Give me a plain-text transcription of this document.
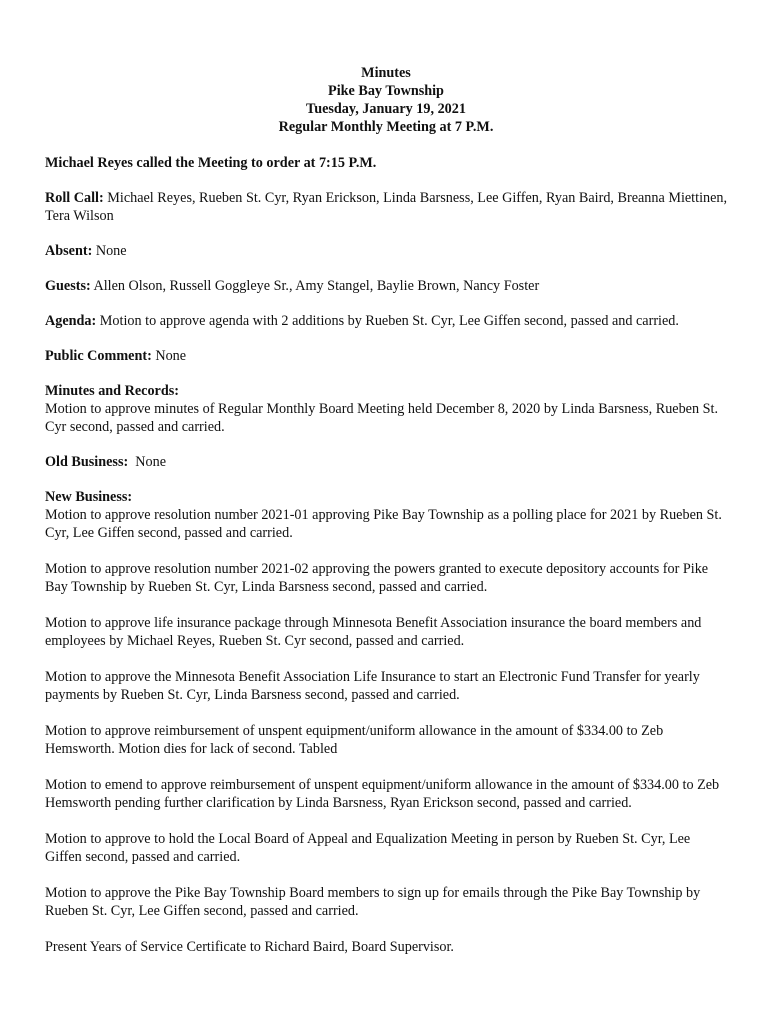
Minutes
Pike Bay Township
Tuesday, January 19, 2021
Regular Monthly Meeting at 7 P.M.
Michael Reyes called the Meeting to order at 7:15 P.M.
Roll Call: Michael Reyes, Rueben St. Cyr, Ryan Erickson, Linda Barsness, Lee Giffen, Ryan Baird, Breanna Miettinen, Tera Wilson
Absent: None
Guests: Allen Olson, Russell Goggleye Sr., Amy Stangel, Baylie Brown, Nancy Foster
Agenda: Motion to approve agenda with 2 additions by Rueben St. Cyr, Lee Giffen second, passed and carried.
Public Comment: None
Minutes and Records:
Motion to approve minutes of Regular Monthly Board Meeting held December 8, 2020 by Linda Barsness, Rueben St. Cyr second, passed and carried.
Old Business:  None
New Business:
Motion to approve resolution number 2021-01 approving Pike Bay Township as a polling place for 2021 by Rueben St. Cyr, Lee Giffen second, passed and carried.
Motion to approve resolution number 2021-02 approving the powers granted to execute depository accounts for Pike Bay Township by Rueben St. Cyr, Linda Barsness second, passed and carried.
Motion to approve life insurance package through Minnesota Benefit Association insurance the board members and employees by Michael Reyes, Rueben St. Cyr second, passed and carried.
Motion to approve the Minnesota Benefit Association Life Insurance to start an Electronic Fund Transfer for yearly payments by Rueben St. Cyr, Linda Barsness second, passed and carried.
Motion to approve reimbursement of unspent equipment/uniform allowance in the amount of $334.00 to Zeb Hemsworth. Motion dies for lack of second. Tabled
Motion to emend to approve reimbursement of unspent equipment/uniform allowance in the amount of $334.00 to Zeb Hemsworth pending further clarification by Linda Barsness, Ryan Erickson second, passed and carried.
Motion to approve to hold the Local Board of Appeal and Equalization Meeting in person by Rueben St. Cyr, Lee Giffen second, passed and carried.
Motion to approve the Pike Bay Township Board members to sign up for emails through the Pike Bay Township by Rueben St. Cyr, Lee Giffen second, passed and carried.
Present Years of Service Certificate to Richard Baird, Board Supervisor.
